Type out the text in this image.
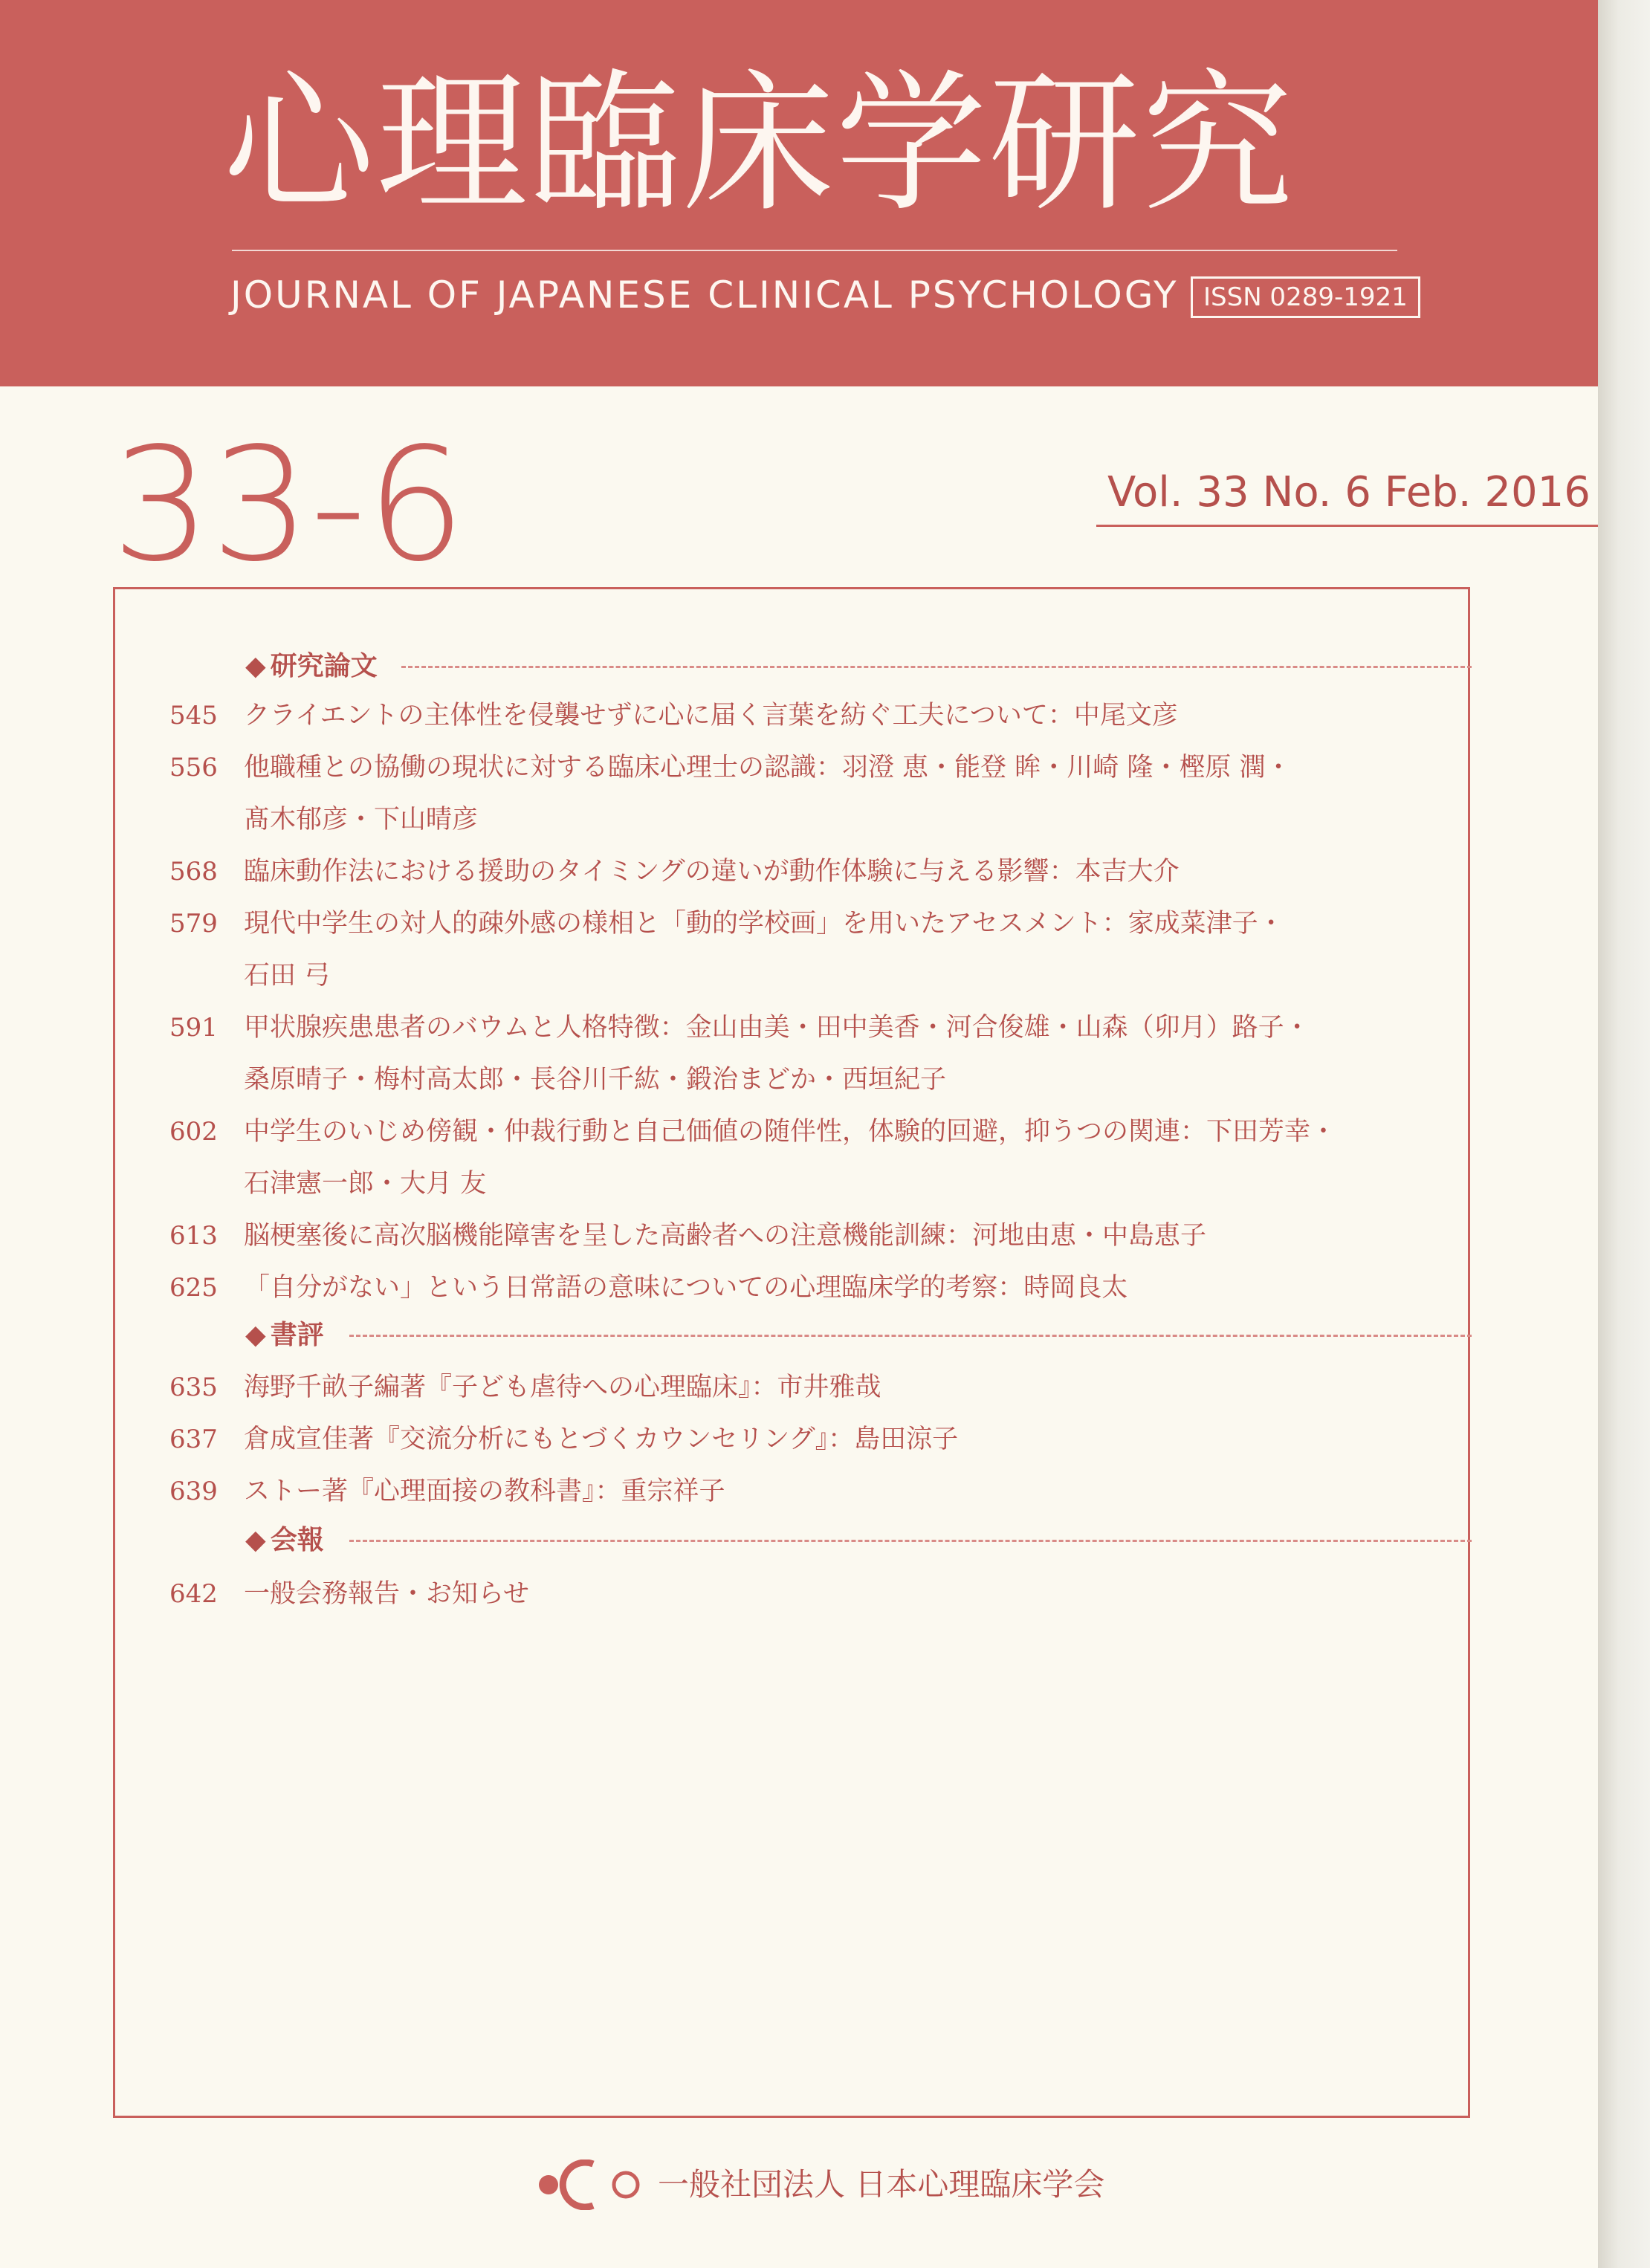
心理臨床学研究
JOURNAL OF JAPANESE CLINICAL PSYCHOLOGY ISSN 0289-1921
33-6	Vol. 33 No. 6 Feb. 2016
◆ 研究論文
545	クライエントの主体性を侵襲せずに心に届く言葉を紡ぐ工夫について：中尾文彦
556	他職種との協働の現状に対する臨床心理士の認識：羽澄 恵・能登 眸・川崎 隆・樫原 潤・
髙木郁彦・下山晴彦
568	臨床動作法における援助のタイミングの違いが動作体験に与える影響：本吉大介
579	現代中学生の対人的疎外感の様相と「動的学校画」を用いたアセスメント：家成菜津子・
石田 弓
591	甲状腺疾患患者のバウムと人格特徴：金山由美・田中美香・河合俊雄・山森（卯月）路子・
桑原晴子・梅村高太郎・長谷川千紘・鍛治まどか・西垣紀子
602	中学生のいじめ傍観・仲裁行動と自己価値の随伴性，体験的回避，抑うつの関連：下田芳幸・
石津憲一郎・大月 友
613	脳梗塞後に高次脳機能障害を呈した高齢者への注意機能訓練：河地由恵・中島恵子
625	「自分がない」という日常語の意味についての心理臨床学的考察：時岡良太
◆ 書評
635	海野千畝子編著『子ども虐待への心理臨床』：市井雅哉
637	倉成宣佳著『交流分析にもとづくカウンセリング』：島田涼子
639	ストー著『心理面接の教科書』：重宗祥子
◆ 会報
642	一般会務報告・お知らせ
一般社団法人 日本心理臨床学会
